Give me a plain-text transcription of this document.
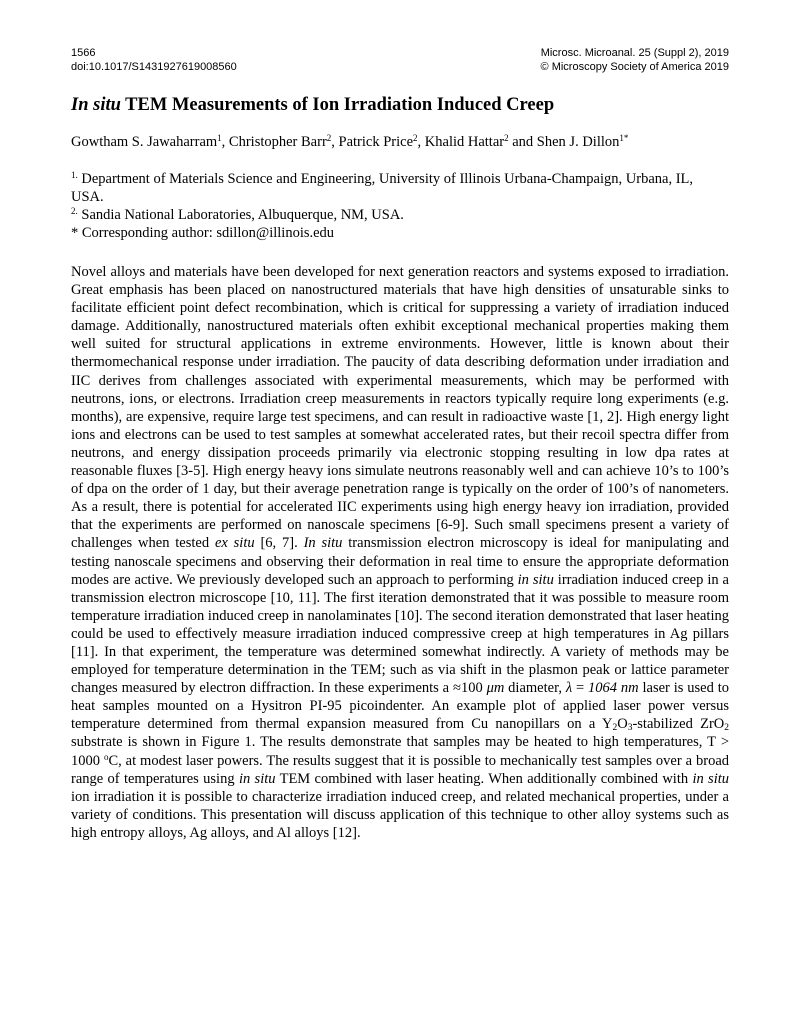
1566
doi:10.1017/S1431927619008560
Microsc. Microanal. 25 (Suppl 2), 2019
© Microscopy Society of America 2019
In situ TEM Measurements of Ion Irradiation Induced Creep

Gowtham S. Jawaharram$^1$, Christopher Barr$^2$, Patrick Price$^2$, Khalid Hattar$^2$ and Shen J. Dillon$^{1*}$

$^{1.}$ Department of Materials Science and Engineering, University of Illinois Urbana-Champaign, Urbana, IL, USA.

$^{2.}$ Sandia National Laboratories, Albuquerque, NM, USA.

* Corresponding author: sdillon@illinois.edu

Novel alloys and materials have been developed for next generation reactors and systems exposed to irradiation. Great emphasis has been placed on nanostructured materials that have high densities of unsaturable sinks to facilitate efficient point defect recombination, which is critical for suppressing a variety of irradiation induced damage. Additionally, nanostructured materials often exhibit exceptional mechanical properties making them well suited for structural applications in extreme environments. However, little is known about their thermomechanical response under irradiation. The paucity of data describing deformation under irradiation and IIC derives from challenges associated with experimental measurements, which may be performed with neutrons, ions, or electrons. Irradiation creep measurements in reactors typically require long experiments (e.g. months), are expensive, require large test specimens, and can result in radioactive waste [1, 2]. High energy light ions and electrons can be used to test samples at somewhat accelerated rates, but their recoil spectra differ from neutrons, and energy dissipation proceeds primarily via electronic stopping resulting in low dpa rates at reasonable fluxes [3-5]. High energy heavy ions simulate neutrons reasonably well and can achieve 10’s to 100’s of dpa on the order of 1 day, but their average penetration range is typically on the order of 100’s of nanometers. As a result, there is potential for accelerated IIC experiments using high energy heavy ion irradiation, provided that the experiments are performed on nanoscale specimens [6-9]. Such small specimens present a variety of challenges when tested ex situ [6, 7]. In situ transmission electron microscopy is ideal for manipulating and testing nanoscale specimens and observing their deformation in real time to ensure the appropriate deformation modes are active. We previously developed such an approach to performing in situ irradiation induced creep in a transmission electron microscope [10, 11]. The first iteration demonstrated that it was possible to measure room temperature irradiation induced creep in nanolaminates [10]. The second iteration demonstrated that laser heating could be used to effectively measure irradiation induced compressive creep at high temperatures in Ag pillars [11]. In that experiment, the temperature was determined somewhat indirectly. A variety of methods may be employed for temperature determination in the TEM; such as via shift in the plasmon peak or lattice parameter changes measured by electron diffraction. In these experiments a ≈100 μm diameter, λ = 1064 nm laser is used to heat samples mounted on a Hysitron PI-95 picoindenter. An example plot of applied laser power versus temperature determined from thermal expansion measured from Cu nanopillars on a $Y_2O_3$-stabilized ZrO$_2$ substrate is shown in Figure 1. The results demonstrate that samples may be heated to high temperatures, T > 1000 $^o$C, at modest laser powers. The results suggest that it is possible to mechanically test samples over a broad range of temperatures using in situ TEM combined with laser heating. When additionally combined with in situ ion irradiation it is possible to characterize irradiation induced creep, and related mechanical properties, under a variety of conditions. This presentation will discuss application of this technique to other alloy systems such as high entropy alloys, Ag alloys, and Al alloys [12].
